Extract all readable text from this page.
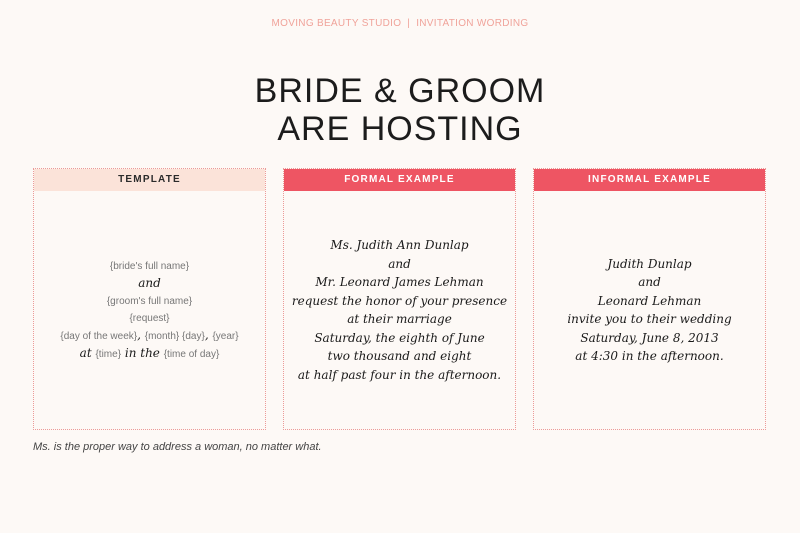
MOVING BEAUTY STUDIO | INVITATION WORDING
BRIDE & GROOM
ARE HOSTING
TEMPLATE
{bride's full name}
and
{groom's full name}
{request}
{day of the week}, {month} {day}, {year}
at {time} in the {time of day}
FORMAL EXAMPLE
Ms. Judith Ann Dunlap
and
Mr. Leonard James Lehman
request the honor of your presence
at their marriage
Saturday, the eighth of June
two thousand and eight
at half past four in the afternoon.
INFORMAL EXAMPLE
Judith Dunlap
and
Leonard Lehman
invite you to their wedding
Saturday, June 8, 2013
at 4:30 in the afternoon.
Ms. is the proper way to address a woman, no matter what.
